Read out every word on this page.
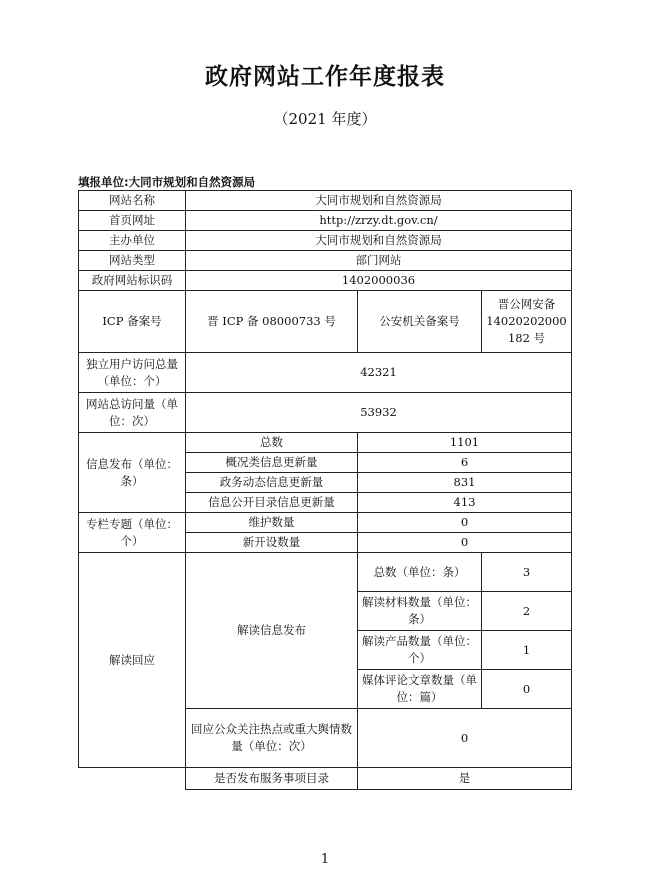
政府网站工作年度报表
（2021 年度）
填报单位:大同市规划和自然资源局
网站名称	大同市规划和自然资源局		
首页网址	http://zrzy.dt.gov.cn/		
主办单位	大同市规划和自然资源局		
网站类型	部门网站		
政府网站标识码	1402000036		
ICP 备案号	晋 ICP 备 08000733 号	公安机关备案号	晋公网安备 14020202000 182 号
独立用户访问总量（单位：个）	42321		
网站总访问量（单位：次）	53932		
信息发布（单位：条）	总数	1101	
	概况类信息更新量	6	
	政务动态信息更新量	831	
	信息公开目录信息更新量	413	
专栏专题（单位：个）	维护数量	0	
	新开设数量	0	
解读回应	解读信息发布	总数（单位：条）	3
		解读材料数量（单位：条）	2
		解读产品数量（单位：个）	1
		媒体评论文章数量（单位：篇）	0
	回应公众关注热点或重大舆情数量（单位：次）	0	
	是否发布服务事项目录	是	
1
